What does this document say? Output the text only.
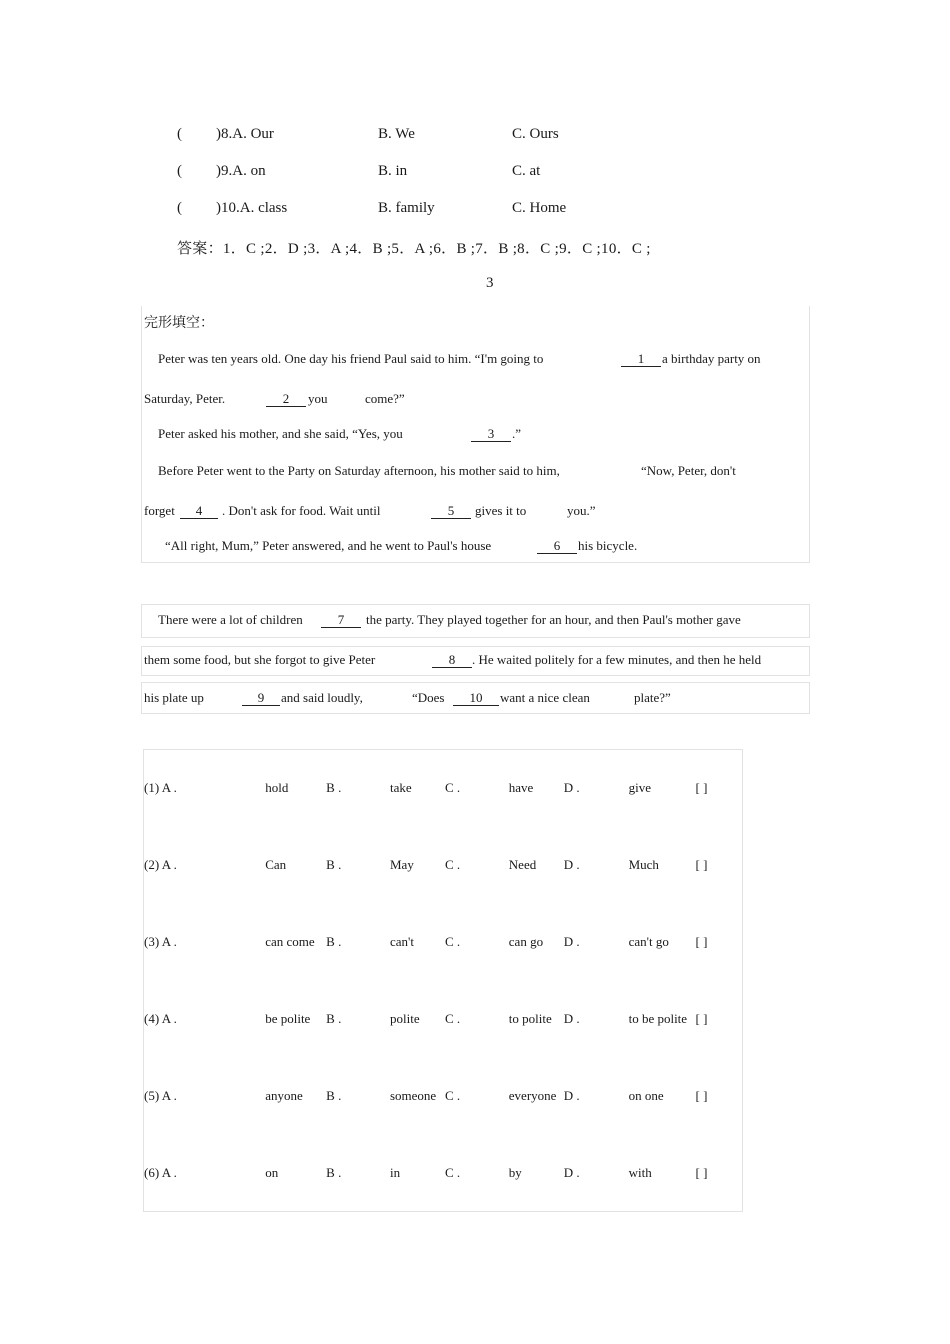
( )8.A. Our	B. We	C. Ours
( )9.A. on	B. in	C. at
( )10.A. class	B. family	C. Home
答案：1．C ;2．D ;3．A ;4．B ;5．A ;6．B ;7．B ;8．C ;9．C ;10．C ;
3
完形填空：
Peter was ten years old. One day his friend Paul said to him. “I'm going to	1	a birthday party on
Saturday, Peter.	2	you	come?”
Peter asked his mother, and she said, “Yes, you	3	.”
Before Peter went to the Party on Saturday afternoon, his mother said to him,	“Now, Peter, don't
forget	4	. Don't ask for food. Wait until	5	gives it to	you.”
“All right, Mum,” Peter answered, and he went to Paul's house	6	his bicycle.
There were a lot of children	7	the party. They played together for an hour, and then Paul's mother gave
them some food, but she forgot to give Peter	8	. He waited politely for a few minutes, and then he held
his plate up	9	and said loudly,	“Does	10	want a nice clean	plate?”
(1) A .	hold	B .	take	C .	have	D .	give	[ ]
(2) A .	Can	B .	May	C .	Need	D .	Much	[ ]
(3) A .	can come	B .	can't	C .	can go	D .	can't go	[ ]
(4) A .	be polite	B .	polite	C .	to polite	D .	to be polite	[ ]
(5) A .	anyone	B .	someone	C .	everyone	D .	on one	[ ]
(6) A .	on	B .	in	C .	by	D .	with	[ ]
